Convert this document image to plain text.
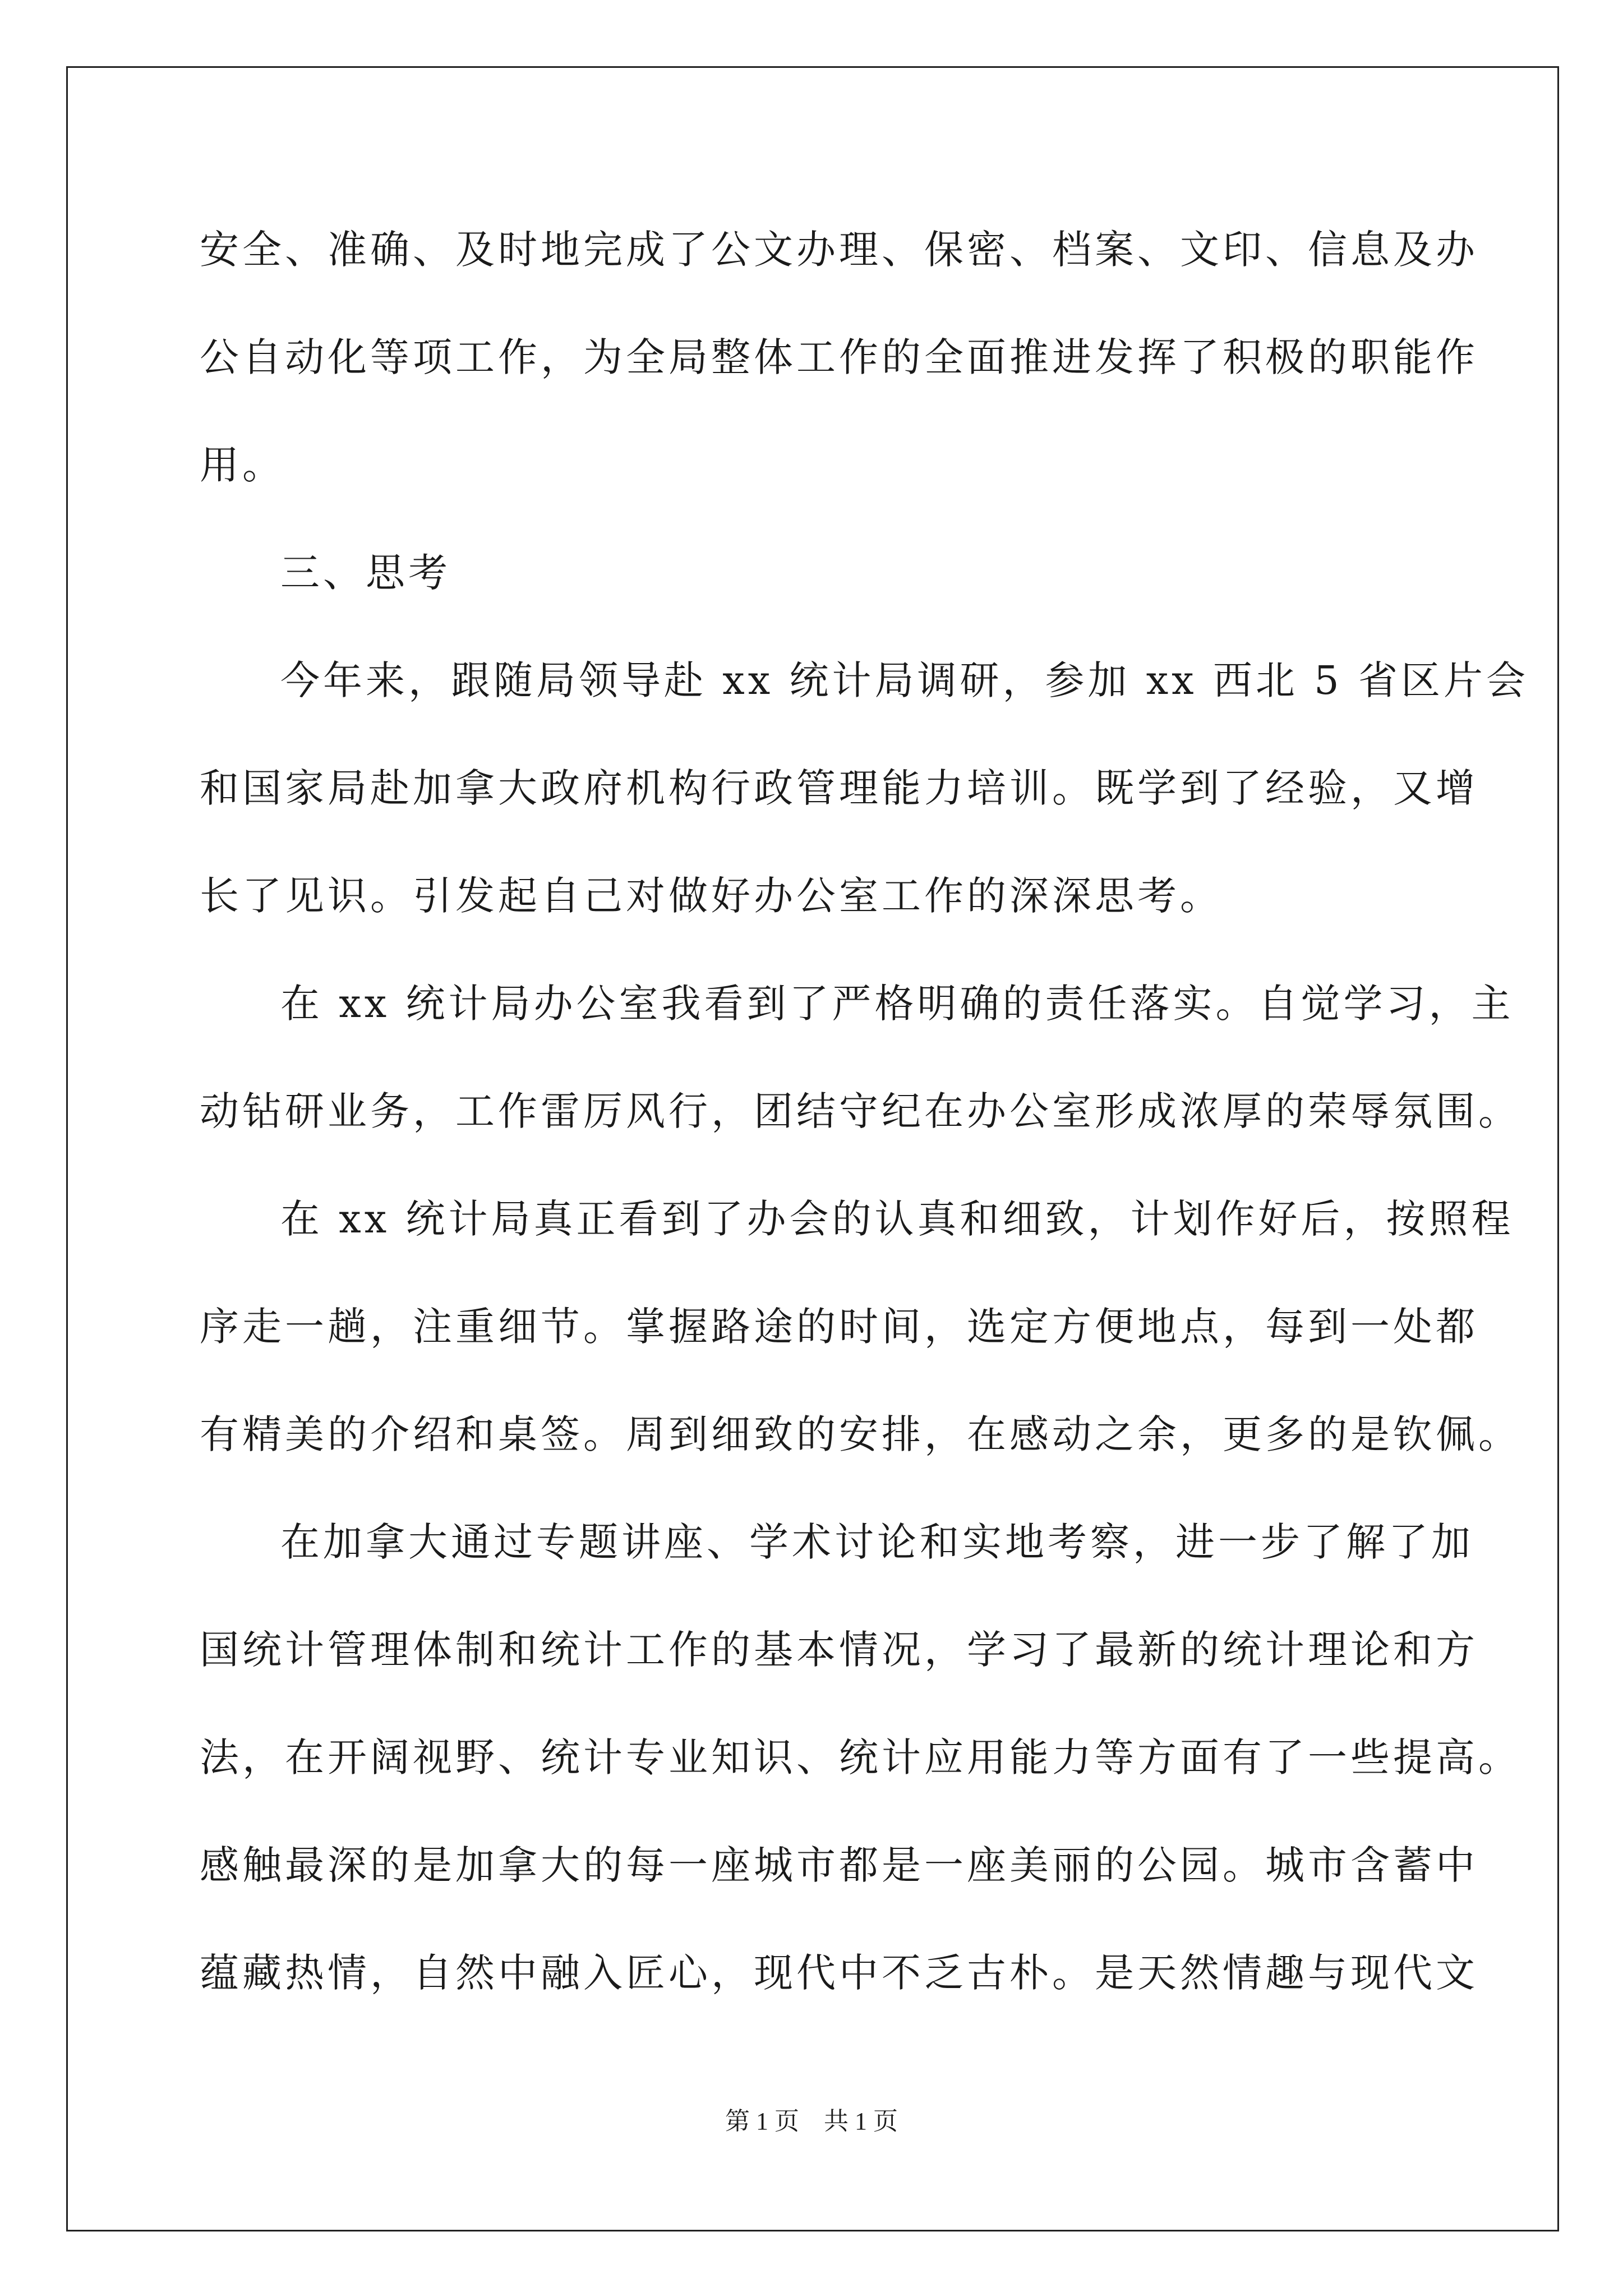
安全、准确、及时地完成了公文办理、保密、档案、文印、信息及办
公自动化等项工作，为全局整体工作的全面推进发挥了积极的职能作
用。
三、思考
今年来，跟随局领导赴 xx 统计局调研，参加 xx 西北 5 省区片会
和国家局赴加拿大政府机构行政管理能力培训。既学到了经验，又增
长了见识。引发起自己对做好办公室工作的深深思考。
在 xx 统计局办公室我看到了严格明确的责任落实。自觉学习，主
动钻研业务，工作雷厉风行，团结守纪在办公室形成浓厚的荣辱氛围。
在 xx 统计局真正看到了办会的认真和细致，计划作好后，按照程
序走一趟，注重细节。掌握路途的时间，选定方便地点，每到一处都
有精美的介绍和桌签。周到细致的安排，在感动之余，更多的是钦佩。
在加拿大通过专题讲座、学术讨论和实地考察，进一步了解了加
国统计管理体制和统计工作的基本情况，学习了最新的统计理论和方
法，在开阔视野、统计专业知识、统计应用能力等方面有了一些提高。
感触最深的是加拿大的每一座城市都是一座美丽的公园。城市含蓄中
蕴藏热情，自然中融入匠心，现代中不乏古朴。是天然情趣与现代文
第 1 页　共 1 页
